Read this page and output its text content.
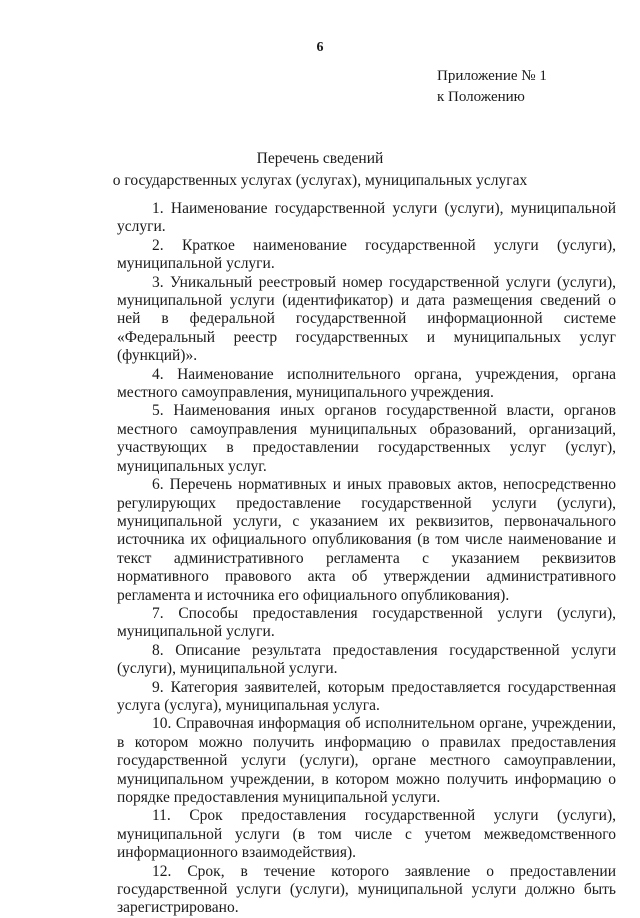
6
Приложение № 1
к Положению
Перечень сведений
о государственных услугах (услугах), муниципальных услугах

1. Наименование государственной услуги (услуги), муниципальной услуги.

2. Краткое наименование государственной услуги (услуги), муниципальной услуги.

3. Уникальный реестровый номер государственной услуги (услуги), муниципальной услуги (идентификатор) и дата размещения сведений о ней в федеральной государственной информационной системе «Федеральный реестр государственных и муниципальных услуг (функций)».

4. Наименование исполнительного органа, учреждения, органа местного самоуправления, муниципального учреждения.

5. Наименования иных органов государственной власти, органов местного самоуправления муниципальных образований, организаций, участвующих в предоставлении государственных услуг (услуг), муниципальных услуг.

6. Перечень нормативных и иных правовых актов, непосредственно регулирующих предоставление государственной услуги (услуги), муниципальной услуги, с указанием их реквизитов, первоначального источника их официального опубликования (в том числе наименование и текст административного регламента с указанием реквизитов нормативного правового акта об утверждении административного регламента и источника его официального опубликования).

7. Способы предоставления государственной услуги (услуги), муниципальной услуги.

8. Описание результата предоставления государственной услуги (услуги), муниципальной услуги.

9. Категория заявителей, которым предоставляется государственная услуга (услуга), муниципальная услуга.

10. Справочная информация об исполнительном органе, учреждении, в котором можно получить информацию о правилах предоставления государственной услуги (услуги), органе местного самоуправлении, муниципальном учреждении, в котором можно получить информацию о порядке предоставления муниципальной услуги.

11. Срок предоставления государственной услуги (услуги), муниципальной услуги (в том числе с учетом межведомственного информационного взаимодействия).

12. Срок, в течение которого заявление о предоставлении государственной услуги (услуги), муниципальной услуги должно быть зарегистрировано.
